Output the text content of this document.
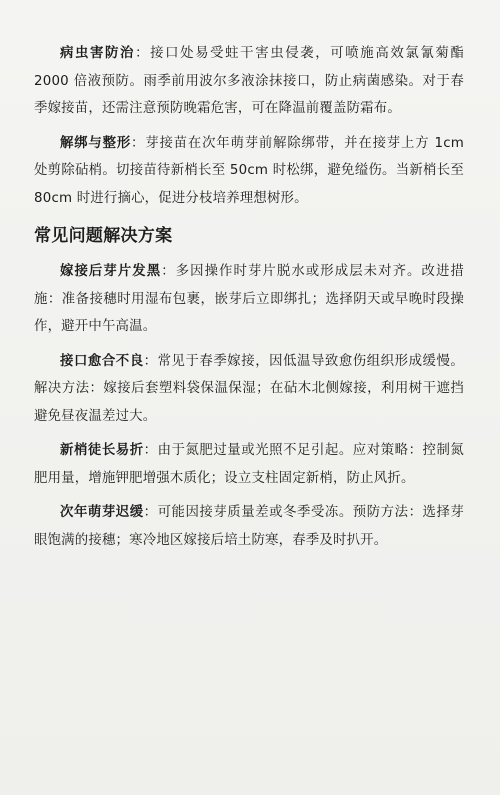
病虫害防治：接口处易受蛀干害虫侵袭，可喷施高效氯氰菊酯 2000 倍液预防。雨季前用波尔多液涂抹接口，防止病菌感染。对于春季嫁接苗，还需注意预防晚霜危害，可在降温前覆盖防霜布。

解绑与整形：芽接苗在次年萌芽前解除绑带，并在接芽上方 1cm 处剪除砧梢。切接苗待新梢长至 50cm 时松绑，避免缢伤。当新梢长至 80cm 时进行摘心，促进分枝培养理想树形。

常见问题解决方案

嫁接后芽片发黑：多因操作时芽片脱水或形成层未对齐。改进措施：准备接穗时用湿布包裹，嵌芽后立即绑扎；选择阴天或早晚时段操作，避开中午高温。

接口愈合不良：常见于春季嫁接，因低温导致愈伤组织形成缓慢。解决方法：嫁接后套塑料袋保温保湿；在砧木北侧嫁接，利用树干遮挡避免昼夜温差过大。

新梢徒长易折：由于氮肥过量或光照不足引起。应对策略：控制氮肥用量，增施钾肥增强木质化；设立支柱固定新梢，防止风折。

次年萌芽迟缓：可能因接芽质量差或冬季受冻。预防方法：选择芽眼饱满的接穗；寒冷地区嫁接后培土防寒，春季及时扒开。
